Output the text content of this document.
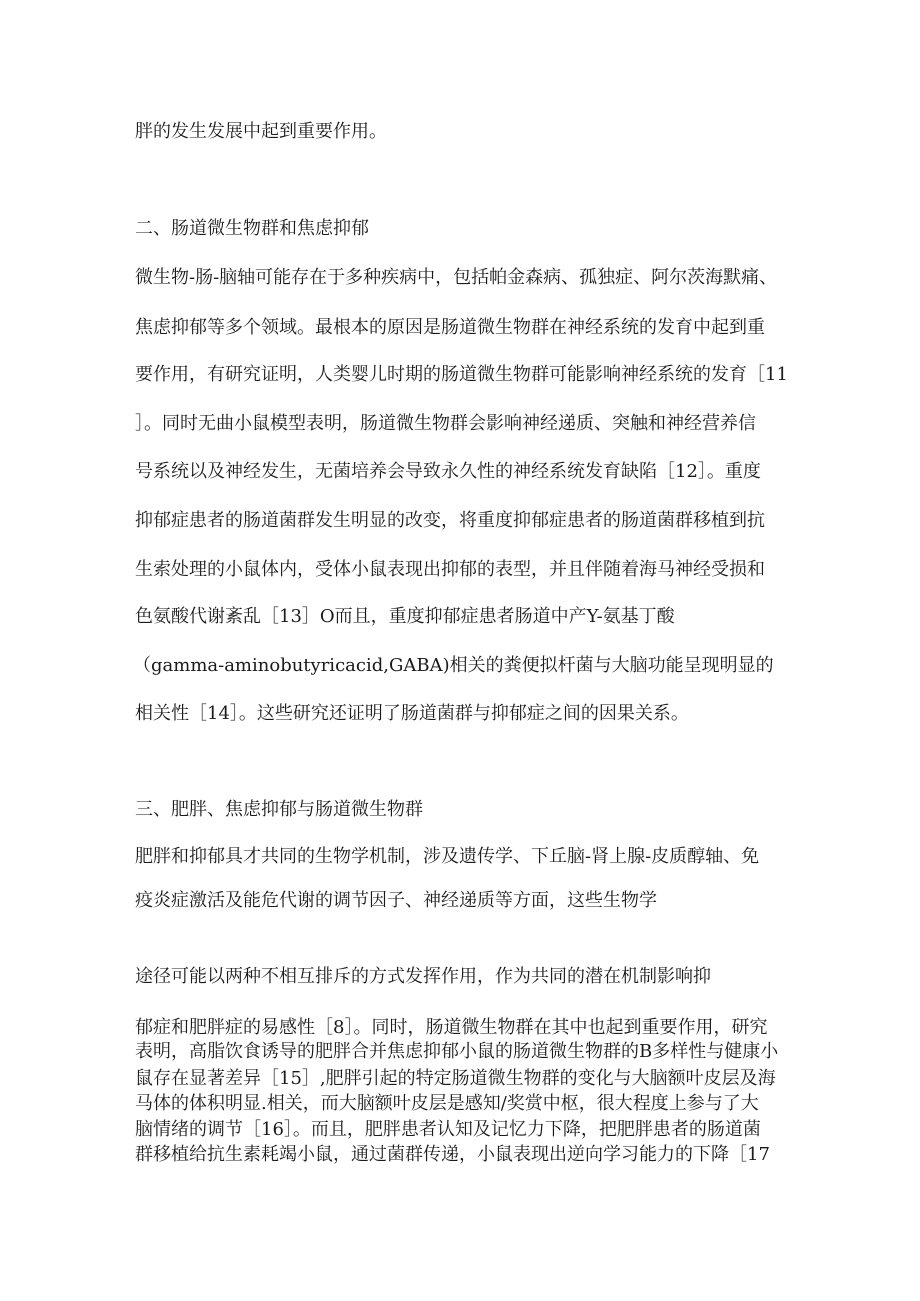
胖的发生发展中起到重要作用。
二、肠道微生物群和焦虑抑郁
微生物-肠-脑轴可能存在于多种疾病中，包括帕金森病、孤独症、阿尔茨海默痛、
焦虑抑郁等多个领域。最根本的原因是肠道微生物群在神经系统的发育中起到重
要作用，有研究证明，人类婴儿时期的肠道微生物群可能影响神经系统的发育［11
］。同时无曲小鼠模型表明，肠道微生物群会影响神经递质、突触和神经营养信
号系统以及神经发生，无菌培养会导致永久性的神经系统发育缺陷［12］。重度
抑郁症患者的肠道菌群发生明显的改变，将重度抑郁症患者的肠道菌群移植到抗
生索处理的小鼠体内，受体小鼠表现出抑郁的表型，并且伴随着海马神经受损和
色氨酸代谢紊乱［13］O而且，重度抑郁症患者肠道中产Y-氨基丁酸
（gamma-aminobutyricacid,GABA)相关的粪便拟杆菌与大脑功能呈现明显的
相关性［14］。这些研究还证明了肠道菌群与抑郁症之间的因果关系。
三、肥胖、焦虑抑郁与肠道微生物群
肥胖和抑郁具才共同的生物学机制，涉及遗传学、下丘脑-肾上腺-皮质醇轴、免
疫炎症激活及能危代谢的调节因子、神经递质等方面，这些生物学
途径可能以两种不相互排斥的方式发挥作用，作为共同的潜在机制影响抑
郁症和肥胖症的易感性［8］。同时，肠道微生物群在其中也起到重要作用，研究
表明，高脂饮食诱导的肥胖合并焦虑抑郁小鼠的肠道微生物群的B多样性与健康小
鼠存在显著差异［15］,肥胖引起的特定肠道微生物群的变化与大脑额叶皮层及海
马体的体积明显.相关，而大脑额叶皮层是感知/奖赏中枢，很大程度上参与了大
脑情绪的调节［16］。而且，肥胖患者认知及记忆力下降，把肥胖患者的肠道菌
群移植给抗生素耗竭小鼠，通过菌群传递，小鼠表现出逆向学习能力的下降［17
